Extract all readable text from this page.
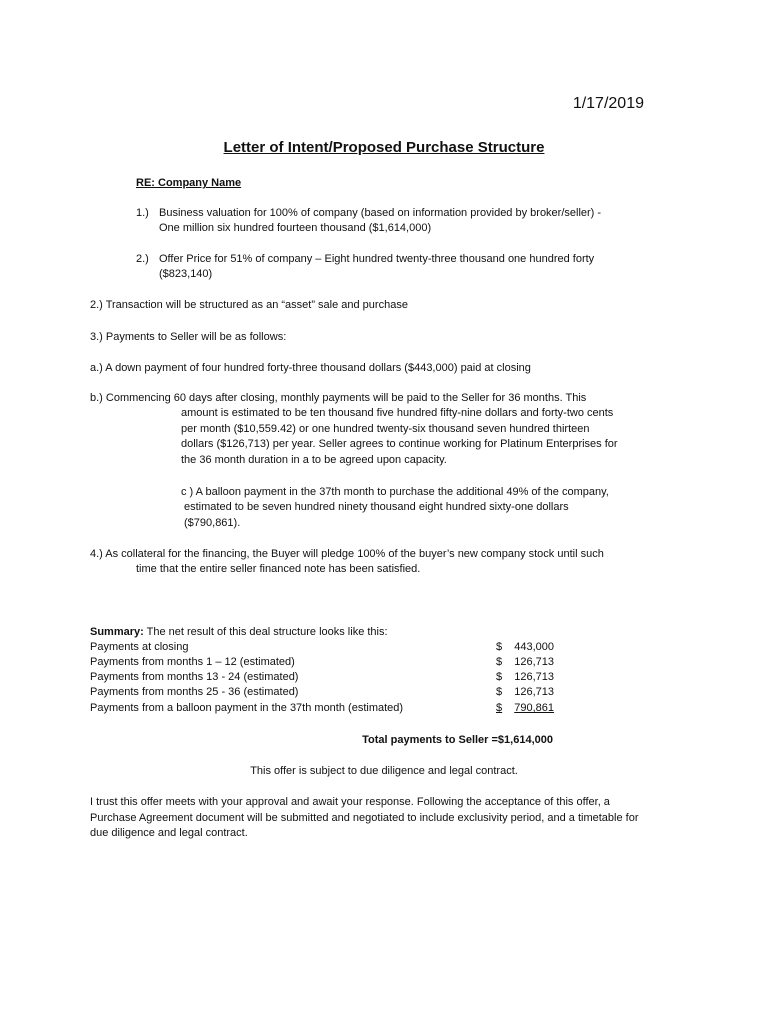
1/17/2019
Letter of Intent/Proposed Purchase Structure
RE: Company Name
1.) Business valuation for 100% of company (based on information provided by broker/seller) -
One million six hundred fourteen thousand ($1,614,000)
2.) Offer Price for 51% of company – Eight hundred twenty-three thousand one hundred forty
($823,140)
2.) Transaction will be structured as an “asset” sale and purchase
3.) Payments to Seller will be as follows:
a.) A down payment of four hundred forty-three thousand dollars ($443,000) paid at closing
b.) Commencing 60 days after closing, monthly payments will be paid to the Seller for 36 months. This
amount is estimated to be ten thousand five hundred fifty-nine dollars and forty-two cents
per month ($10,559.42) or one hundred twenty-six thousand seven hundred thirteen
dollars ($126,713) per year. Seller agrees to continue working for Platinum Enterprises for
the 36 month duration in a to be agreed upon capacity.
c ) A balloon payment in the 37th month to purchase the additional 49% of the company,
estimated to be seven hundred ninety thousand eight hundred sixty-one dollars
($790,861).
4.) As collateral for the financing, the Buyer will pledge 100% of the buyer’s new company stock until such
time that the entire seller financed note has been satisfied.
Summary: The net result of this deal structure looks like this:
Payments at closing	$ 443,000
Payments from months 1 – 12 (estimated)	$ 126,713
Payments from months 13 - 24 (estimated)	$ 126,713
Payments from months 25 - 36 (estimated)	$ 126,713
Payments from a balloon payment in the 37th month (estimated)	$ 790,861
Total payments to Seller =$1,614,000
This offer is subject to due diligence and legal contract.
I trust this offer meets with your approval and await your response. Following the acceptance of this offer, a
Purchase Agreement document will be submitted and negotiated to include exclusivity period, and a timetable for
due diligence and legal contract.
